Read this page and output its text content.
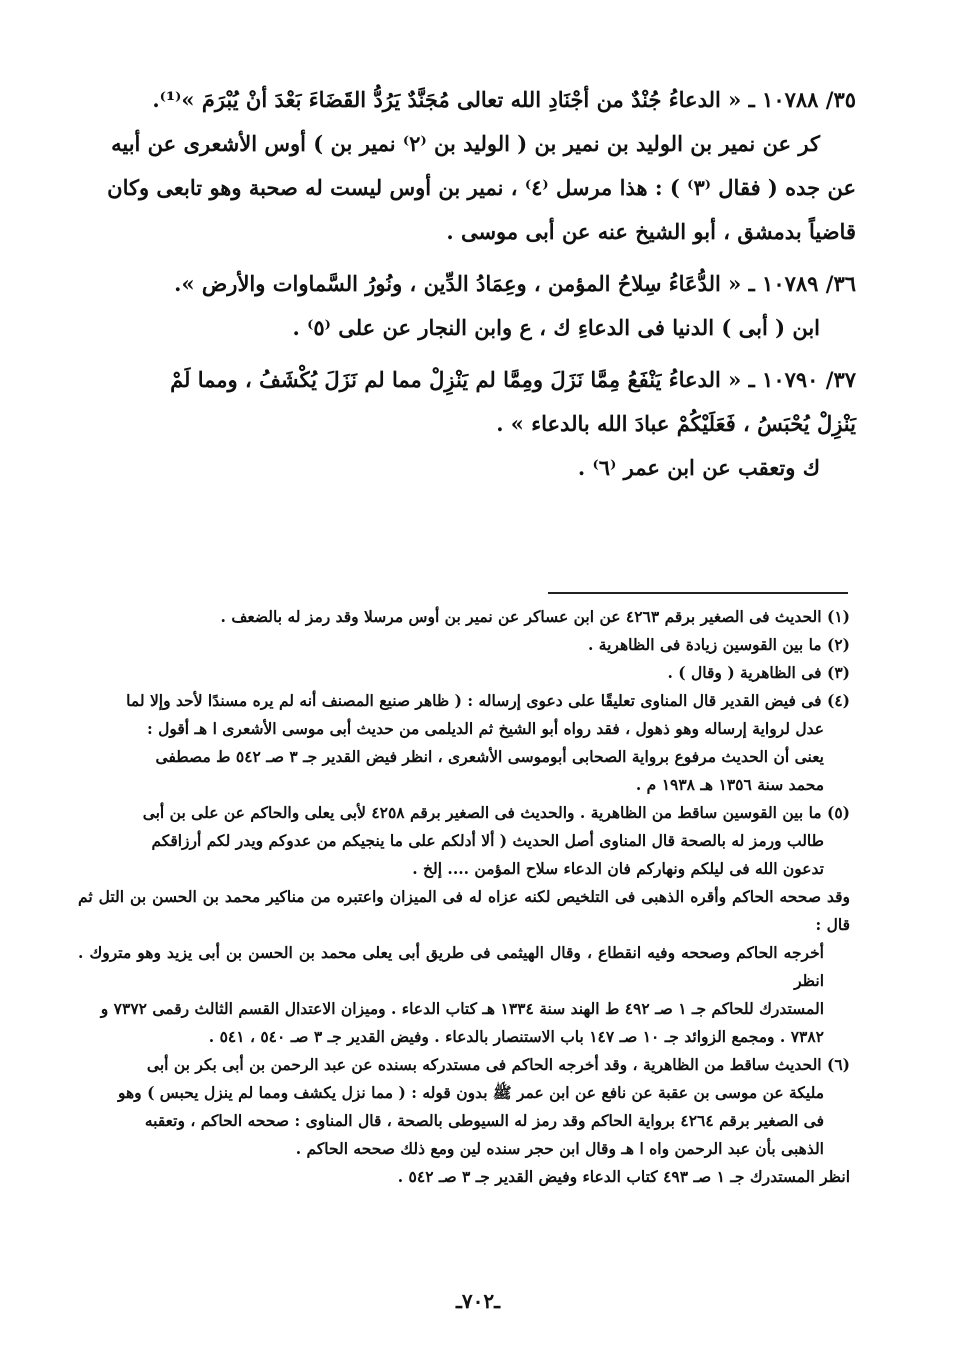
٣٥/ ١٠٧٨٨ ـ « الدعاءُ جُنْدٌ من أجْنَادِ الله تعالى مُجَنَّدٌ يَرُدُّ القَضَاءَ بَعْدَ أنْ يُبْرَمَ »⁽¹⁾.
كر عن نمير بن الوليد بن نمير بن ( الوليد بن ⁽٢⁾ نمير بن ) أوس الأشعرى عن أبيه
عن جده ( فقال ⁽٣⁾ ) : هذا مرسل ⁽٤⁾ ، نمير بن أوس ليست له صحبة وهو تابعى وكان
قاضياً بدمشق ، أبو الشيخ عنه عن أبى موسى .
٣٦/ ١٠٧٨٩ ـ « الدُّعَاءُ سِلاحُ المؤمن ، وعِمَادُ الدِّين ، ونُورُ السَّماوات والأرض ».
ابن ( أبى ) الدنيا فى الدعاءِ ك ، ع وابن النجار عن على ⁽٥⁾ .
٣٧/ ١٠٧٩٠ ـ « الدعاءُ يَنْفَعُ مِمَّا نَزَلَ ومِمَّا لم يَنْزِلْ مما لم نَزَلَ يُكْشَفُ ، ومما لَمْ
يَنْزِلْ يُحْبَسُ ، فَعَلَيْكُمْ عبادَ الله بالدعاء » .
ك وتعقب عن ابن عمر ⁽٦⁾ .
(١) الحديث فى الصغير برقم ٤٢٦٣ عن ابن عساكر عن نمير بن أوس مرسلا وقد رمز له بالضعف .
(٢) ما بين القوسين زيادة فى الظاهرية .
(٣) فى الظاهرية ( وقال ) .
(٤) فى فيض القدير قال المناوى تعليقًا على دعوى إرساله : ( ظاهر صنيع المصنف أنه لم يره مسندًا لأحد وإلا لما
عدل لرواية إرساله وهو ذهول ، فقد رواه أبو الشيخ ثم الديلمى من حديث أبى موسى الأشعرى ا هـ أقول :
يعنى أن الحديث مرفوع برواية الصحابى أبوموسى الأشعرى ، انظر فيض القدير جـ ٣ صـ ٥٤٢ ط مصطفى
محمد سنة ١٣٥٦ هـ ١٩٣٨ م .
(٥) ما بين القوسين ساقط من الظاهرية . والحديث فى الصغير برقم ٤٢٥٨ لأبى يعلى والحاكم عن على بن أبى
طالب ورمز له بالصحة قال المناوى أصل الحديث ( ألا أدلكم على ما ينجيكم من عدوكم ويدر لكم أرزاقكم
تدعون الله فى ليلكم ونهاركم فان الدعاء سلاح المؤمن .... إلخ .
وقد صححه الحاكم وأقره الذهبى فى التلخيص لكنه عزاه له فى الميزان واعتبره من مناكير محمد بن الحسن بن التل ثم قال :
أخرجه الحاكم وصححه وفيه انقطاع ، وقال الهيثمى فى طريق أبى يعلى محمد بن الحسن بن أبى يزيد وهو متروك . انظر
المستدرك للحاكم جـ ١ صـ ٤٩٢ ط الهند سنة ١٣٣٤ هـ كتاب الدعاء . وميزان الاعتدال القسم الثالث رقمى ٧٣٧٢ و
٧٣٨٢ . ومجمع الزوائد جـ ١٠ صـ ١٤٧ باب الاستنصار بالدعاء . وفيض القدير جـ ٣ صـ ٥٤٠ ، ٥٤١ .
(٦) الحديث ساقط من الظاهرية ، وقد أخرجه الحاكم فى مستدركه بسنده عن عبد الرحمن بن أبى بكر بن أبى
مليكة عن موسى بن عقبة عن نافع عن ابن عمر ﷺ بدون قوله : ( مما نزل يكشف ومما لم ينزل يحبس ) وهو
فى الصغير برقم ٤٢٦٤ برواية الحاكم وقد رمز له السيوطى بالصحة ، قال المناوى : صححه الحاكم ، وتعقبه
الذهبى بأن عبد الرحمن واه ا هـ وقال ابن حجر سنده لين ومع ذلك صححه الحاكم .
انظر المستدرك جـ ١ صـ ٤٩٣ كتاب الدعاء وفيض القدير جـ ٣ صـ ٥٤٢ .
ـ٧٠٢ـ
